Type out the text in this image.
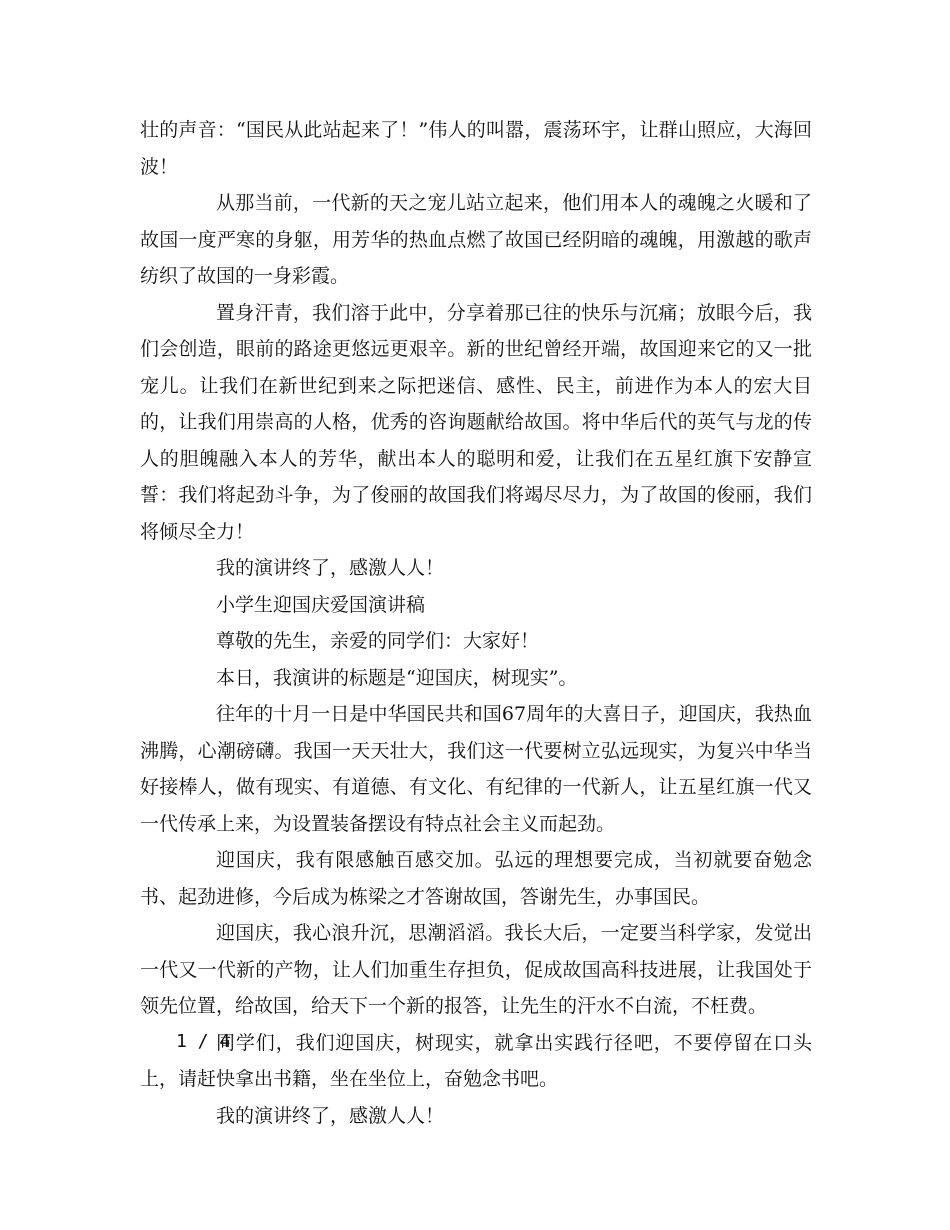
壮的声音：“国民从此站起来了！”伟人的叫嚣，震荡环宇，让群山照应，大海回波！

从那当前，一代新的天之宠儿站立起来，他们用本人的魂魄之火暖和了故国一度严寒的身躯，用芳华的热血点燃了故国已经阴暗的魂魄，用激越的歌声纺织了故国的一身彩霞。

置身汗青，我们溶于此中，分享着那已往的快乐与沉痛；放眼今后，我们会创造，眼前的路途更悠远更艰辛。新的世纪曾经开端，故国迎来它的又一批宠儿。让我们在新世纪到来之际把迷信、感性、民主，前进作为本人的宏大目的，让我们用崇高的人格，优秀的咨询题献给故国。将中华后代的英气与龙的传人的胆魄融入本人的芳华，献出本人的聪明和爱，让我们在五星红旗下安静宣誓：我们将起劲斗争，为了俊丽的故国我们将竭尽尽力，为了故国的俊丽，我们将倾尽全力！

我的演讲终了，感激人人！

小学生迎国庆爱国演讲稿

尊敬的先生，亲爱的同学们：大家好！

本日，我演讲的标题是“迎国庆，树现实”。

往年的十月一日是中华国民共和国67周年的大喜日子，迎国庆，我热血沸腾，心潮磅礴。我国一天天壮大，我们这一代要树立弘远现实，为复兴中华当好接棒人，做有现实、有道德、有文化、有纪律的一代新人，让五星红旗一代又一代传承上来，为设置装备摆设有特点社会主义而起劲。

迎国庆，我有限感触百感交加。弘远的理想要完成，当初就要奋勉念书、起劲进修，今后成为栋梁之才答谢故国，答谢先生，办事国民。

迎国庆，我心浪升沉，思潮滔滔。我长大后，一定要当科学家，发觉出一代又一代新的产物，让人们加重生存担负，促成故国高科技进展，让我国处于领先位置，给故国，给天下一个新的报答，让先生的汗水不白流，不枉费。

同学们，我们迎国庆，树现实，就拿出实践行径吧，不要停留在口头上，请赶快拿出书籍，坐在坐位上，奋勉念书吧。

我的演讲终了，感激人人！

1 / 4
